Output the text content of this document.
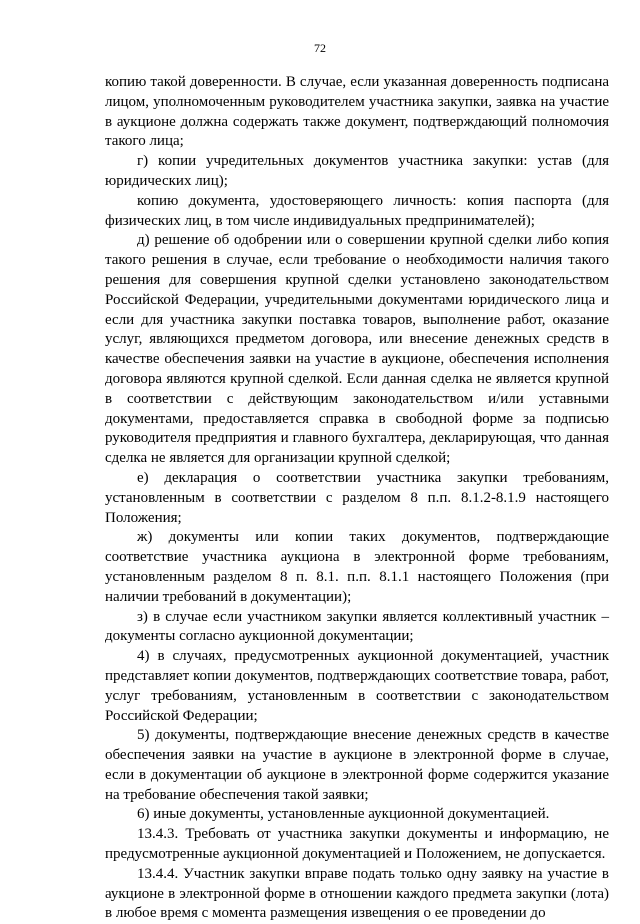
72

копию такой доверенности. В случае, если указанная доверенность подписана лицом, уполномоченным руководителем участника закупки, заявка на участие в аукционе должна содержать также документ, подтверждающий полномочия такого лица;

г) копии учредительных документов участника закупки: устав (для юридических лиц);

копию документа, удостоверяющего личность: копия паспорта (для физических лиц, в том числе индивидуальных предпринимателей);

д) решение об одобрении или о совершении крупной сделки либо копия такого решения в случае, если требование о необходимости наличия такого решения для совершения крупной сделки установлено законодательством Российской Федерации, учредительными документами юридического лица и если для участника закупки поставка товаров, выполнение работ, оказание услуг, являющихся предметом договора, или внесение денежных средств в качестве обеспечения заявки на участие в аукционе, обеспечения исполнения договора являются крупной сделкой. Если данная сделка не является крупной в соответствии с действующим законодательством и/или уставными документами, предоставляется справка в свободной форме за подписью руководителя предприятия и главного бухгалтера, декларирующая, что данная сделка не является для организации крупной сделкой;

е) декларация о соответствии участника закупки требованиям, установленным в соответствии с разделом 8 п.п. 8.1.2-8.1.9 настоящего Положения;

ж) документы или копии таких документов, подтверждающие соответствие участника аукциона в электронной форме требованиям, установленным разделом 8 п. 8.1. п.п. 8.1.1 настоящего Положения (при наличии требований в документации);

з) в случае если участником закупки является коллективный участник – документы согласно аукционной документации;

4) в случаях, предусмотренных аукционной документацией, участник представляет копии документов, подтверждающих соответствие товара, работ, услуг требованиям, установленным в соответствии с законодательством Российской Федерации;

5) документы, подтверждающие внесение денежных средств в качестве обеспечения заявки на участие в аукционе в электронной форме в случае, если в документации об аукционе в электронной форме содержится указание на требование обеспечения такой заявки;

6) иные документы, установленные аукционной документацией.

13.4.3. Требовать от участника закупки документы и информацию, не предусмотренные аукционной документацией и Положением, не допускается.

13.4.4. Участник закупки вправе подать только одну заявку на участие в аукционе в электронной форме в отношении каждого предмета закупки (лота) в любое время с момента размещения извещения о ее проведении до
